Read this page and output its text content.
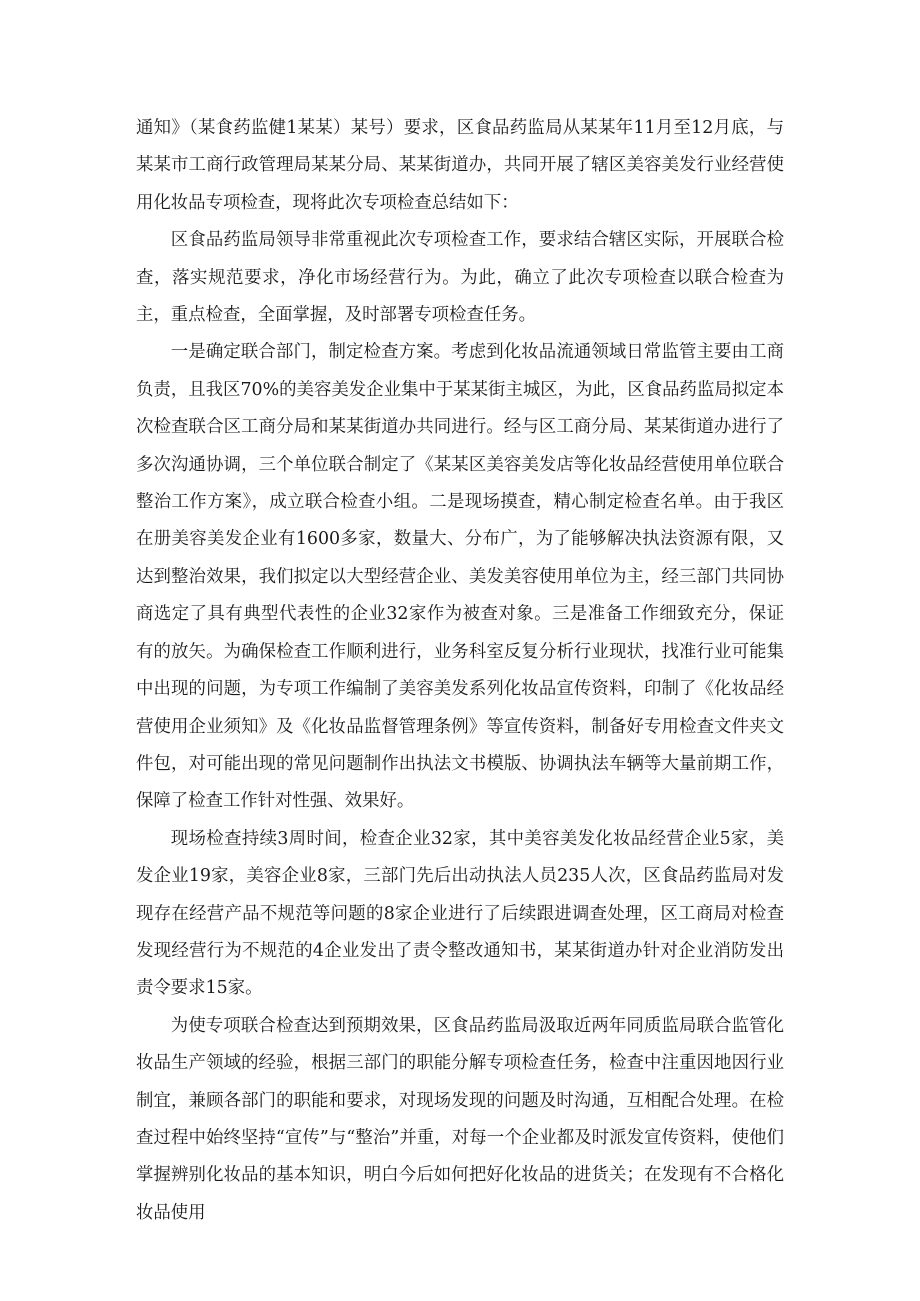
通知》（某食药监健1某某）某号）要求，区食品药监局从某某年11月至12月底，与某某市工商行政管理局某某分局、某某街道办，共同开展了辖区美容美发行业经营使用化妆品专项检查，现将此次专项检查总结如下：

区食品药监局领导非常重视此次专项检查工作，要求结合辖区实际，开展联合检查，落实规范要求，净化市场经营行为。为此，确立了此次专项检查以联合检查为主，重点检查，全面掌握，及时部署专项检查任务。

一是确定联合部门，制定检查方案。考虑到化妆品流通领域日常监管主要由工商负责，且我区70%的美容美发企业集中于某某街主城区，为此，区食品药监局拟定本次检查联合区工商分局和某某街道办共同进行。经与区工商分局、某某街道办进行了多次沟通协调，三个单位联合制定了《某某区美容美发店等化妆品经营使用单位联合整治工作方案》，成立联合检查小组。二是现场摸查，精心制定检查名单。由于我区在册美容美发企业有1600多家，数量大、分布广，为了能够解决执法资源有限，又达到整治效果，我们拟定以大型经营企业、美发美容使用单位为主，经三部门共同协商选定了具有典型代表性的企业32家作为被查对象。三是准备工作细致充分，保证有的放矢。为确保检查工作顺利进行，业务科室反复分析行业现状，找准行业可能集中出现的问题，为专项工作编制了美容美发系列化妆品宣传资料，印制了《化妆品经营使用企业须知》及《化妆品监督管理条例》等宣传资料，制备好专用检查文件夹文件包，对可能出现的常见问题制作出执法文书模版、协调执法车辆等大量前期工作，保障了检查工作针对性强、效果好。

现场检查持续3周时间，检查企业32家，其中美容美发化妆品经营企业5家，美发企业19家，美容企业8家，三部门先后出动执法人员235人次，区食品药监局对发现存在经营产品不规范等问题的8家企业进行了后续跟进调查处理，区工商局对检查发现经营行为不规范的4企业发出了责令整改通知书，某某街道办针对企业消防发出责令要求15家。

为使专项联合检查达到预期效果，区食品药监局汲取近两年同质监局联合监管化妆品生产领域的经验，根据三部门的职能分解专项检查任务，检查中注重因地因行业制宜，兼顾各部门的职能和要求，对现场发现的问题及时沟通，互相配合处理。在检查过程中始终坚持“宣传”与“整治”并重，对每一个企业都及时派发宣传资料，使他们掌握辨别化妆品的基本知识，明白今后如何把好化妆品的进货关；在发现有不合格化妆品使用
